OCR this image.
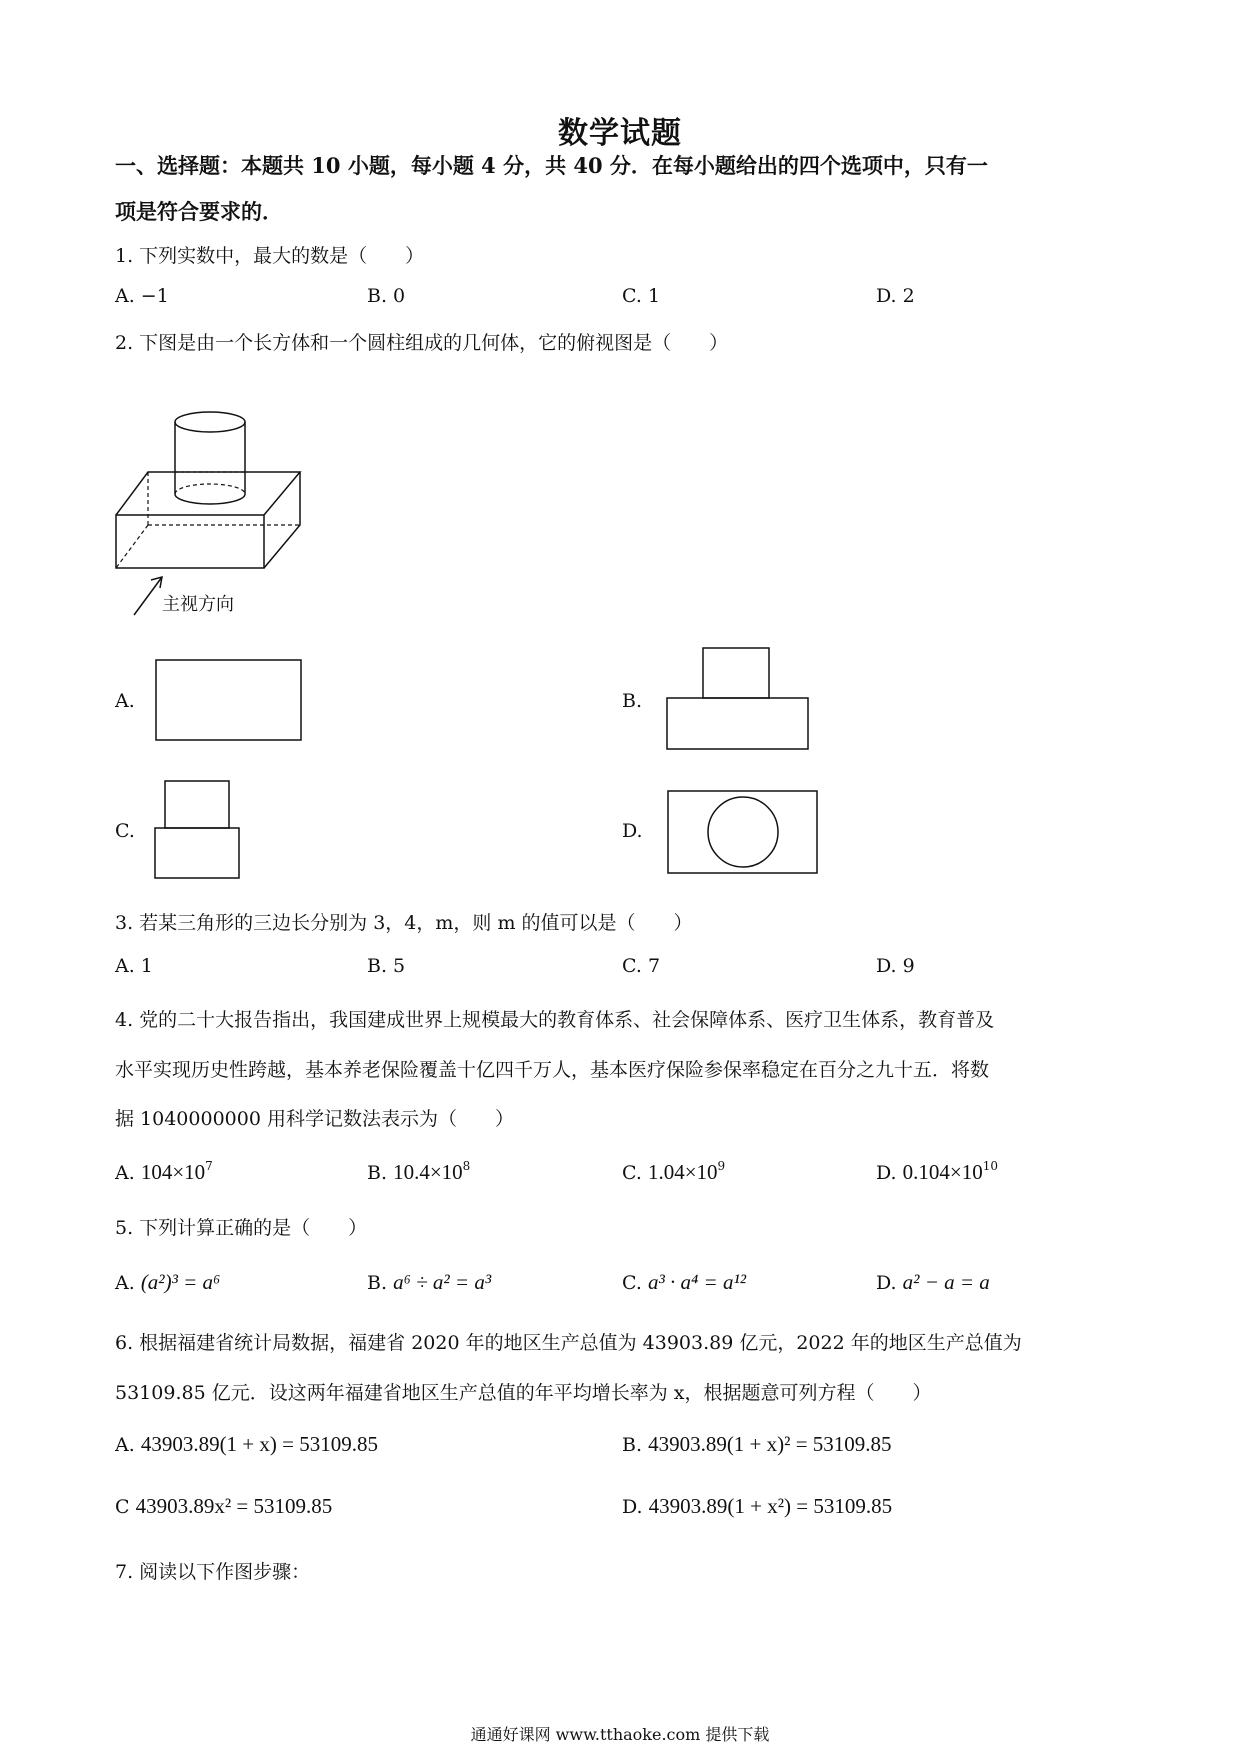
数学试题
一、选择题：本题共 10 小题，每小题 4 分，共 40 分．在每小题给出的四个选项中，只有一
项是符合要求的．
1. 下列实数中，最大的数是（　　）
A. −1	B. 0	C. 1	D. 2
2. 下图是由一个长方体和一个圆柱组成的几何体，它的俯视图是（　　）
主视方向
A.	B.
C.	D.
3. 若某三角形的三边长分别为 3，4，m，则 m 的值可以是（　　）
A. 1	B. 5	C. 7	D. 9
4. 党的二十大报告指出，我国建成世界上规模最大的教育体系、社会保障体系、医疗卫生体系，教育普及
水平实现历史性跨越，基本养老保险覆盖十亿四千万人，基本医疗保险参保率稳定在百分之九十五．将数
据 1040000000 用科学记数法表示为（　　）
A. $104\times 10^7$	B. $10.4\times 10^8$	C. $1.04\times 10^9$	D. $0.104\times 10^{10}$
5. 下列计算正确的是（　　）
A. (a²)³ = a⁶	B. a⁶ ÷ a² = a³	C. a³ · a⁴ = a¹²	D. a² − a = a
6. 根据福建省统计局数据，福建省 2020 年的地区生产总值为 43903.89 亿元，2022 年的地区生产总值为
53109.85 亿元．设这两年福建省地区生产总值的年平均增长率为 x，根据题意可列方程（　　）
A. 43903.89(1 + x) = 53109.85	B. 43903.89(1 + x)² = 53109.85
C 43903.89x² = 53109.85	D. 43903.89(1 + x²) = 53109.85
7. 阅读以下作图步骤：
通通好课网 www.tthaoke.com 提供下载
